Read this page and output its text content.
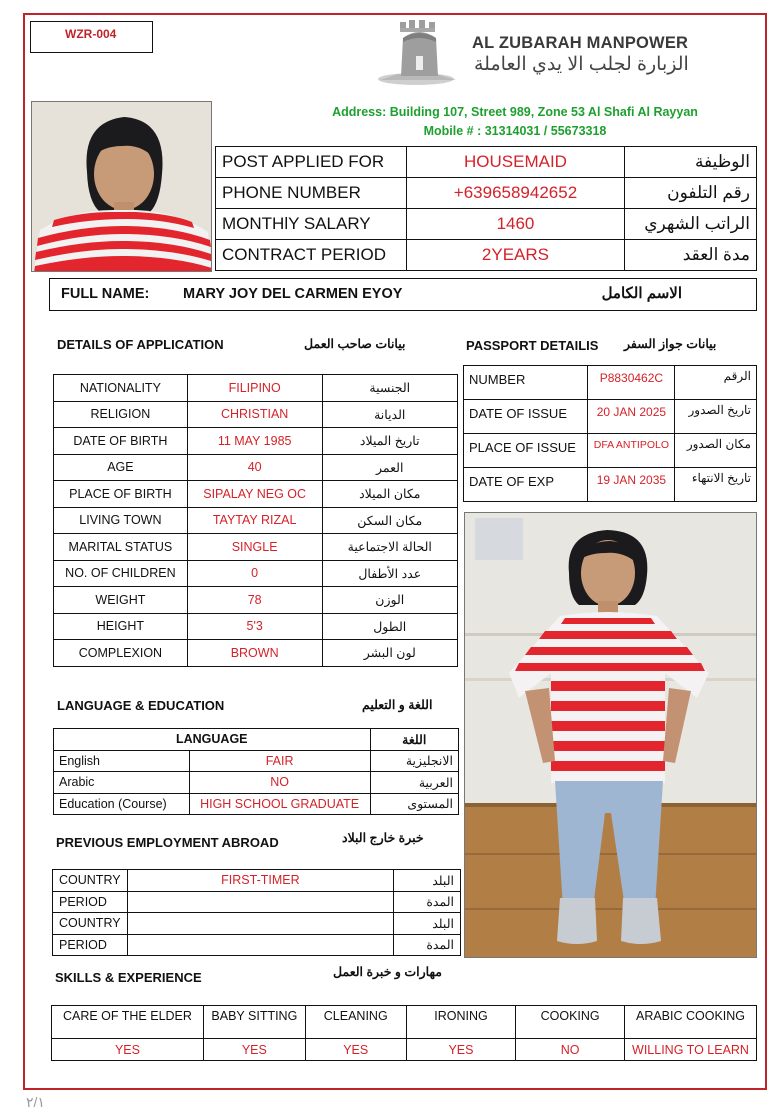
WZR-004	AL ZUBARAH MANPOWER
الزبارة لجلب الا يدي العاملة
Address: Building 107, Street 989, Zone 53 Al Shafi Al Rayyan
Mobile # : 31314031 / 55673318
POST APPLIED FOR	HOUSEMAID	الوظيفة
PHONE NUMBER	+639658942652	رقم التلفون
MONTHlY SALARY	1460	الراتب الشهري
CONTRACT PERIOD	2YEARS	مدة العقد
FULL NAME: MARY JOY DEL CARMEN EYOY	الاسم الكامل
DETAILS OF APPLICATION	بيانات صاحب العمل	PASSPORT DETAILIS بيانات جواز السفر
NATIONALITY	FILIPINO	الجنسية
RELIGION	CHRISTIAN	الديانة
DATE OF BIRTH	11 MAY 1985	تاريخ الميلاد
AGE	40	العمر
PLACE OF BIRTH	SIPALAY NEG OC	مكان الميلاد
LIVING TOWN	TAYTAY RIZAL	مكان السكن
MARITAL STATUS	SINGLE	الحالة الاجتماعية
NO. OF CHILDREN	0	عدد الأطفال
WEIGHT	78	الوزن
HEIGHT	5'3	الطول
COMPLEXION	BROWN	لون البشر
NUMBER	P8830462C	الرقم
DATE OF ISSUE	20 JAN 2025	تاريخ الصدور
PLACE OF ISSUE	DFA ANTIPOLO	مكان الصدور
DATE OF EXP	19 JAN 2035	تاريخ الانتهاء
LANGUAGE & EDUCATION	اللغة و التعليم
LANGUAGE		اللغة
English	FAIR	الانجليزية
Arabic	NO	العربية
Education (Course)	HIGH SCHOOL GRADUATE	المستوى
PREVIOUS EMPLOYMENT ABROAD	خبرة خارج البلاد
COUNTRY	FIRST-TIMER	البلد
PERIOD		المدة
COUNTRY		البلد
PERIOD		المدة
SKILLS & EXPERIENCE	مهارات و خبرة العمل
CARE OF THE ELDER	BABY SITTING	CLEANING	IRONING	COOKING	ARABIC COOKING
YES	YES	YES	YES	NO	WILLING TO LEARN
٢/١
